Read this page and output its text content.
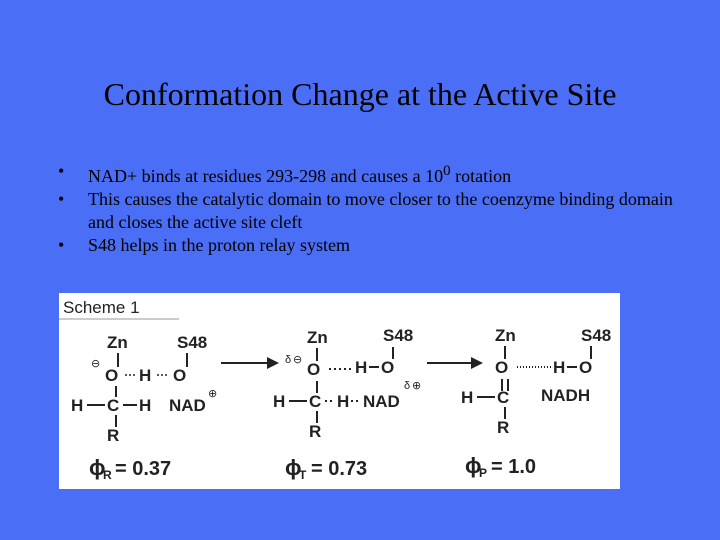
Conformation Change at the Active Site
• NAD+ binds at residues 293-298 and causes a $10^0$ rotation
• This causes the catalytic domain to move closer to the coenzyme binding domain and closes the active site cleft
• S48 helps in the proton relay system
Scheme 1
Zn	S48
⊖
O H O
H C H NAD
⊕
R
Zn	S48
δ ⊖ O H O
H C H NAD
δ ⊕
R
Zn	S48
O	H O
H C NADH
R
ϕ
R = 0.37	ϕ
T = 0.73	ϕ
P = 1.0
